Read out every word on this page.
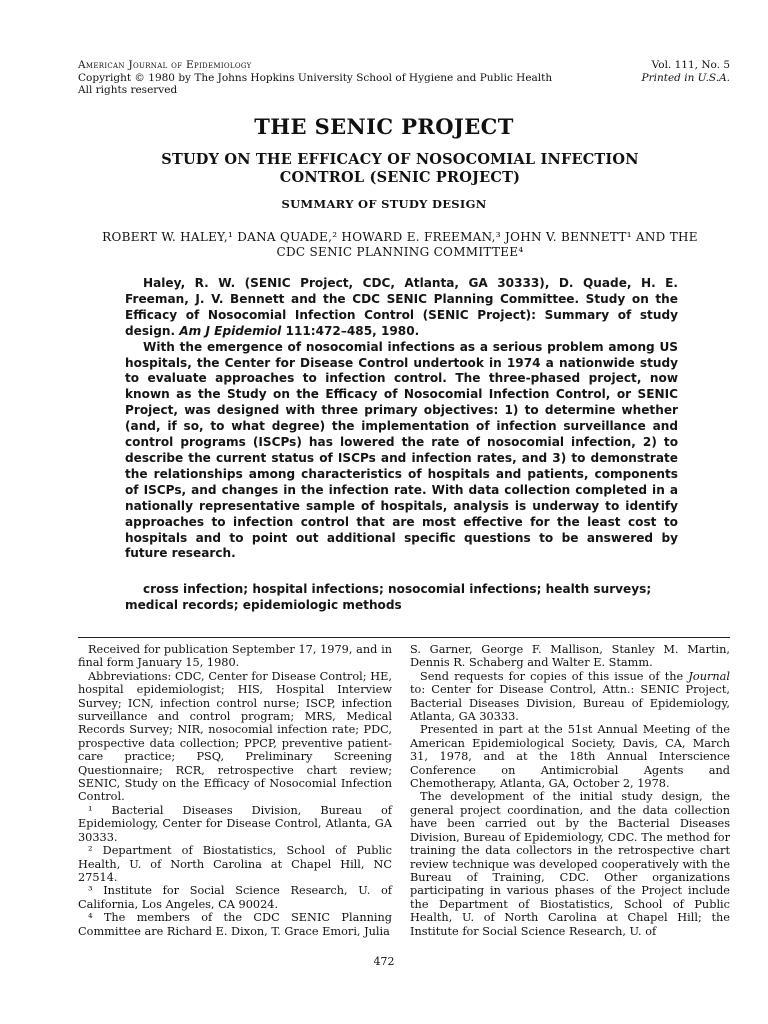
American Journal of Epidemiology
Copyright © 1980 by The Johns Hopkins University School of Hygiene and Public Health
All rights reserved
Vol. 111, No. 5
Printed in U.S.A.
THE SENIC PROJECT
STUDY ON THE EFFICACY OF NOSOCOMIAL INFECTION
CONTROL (SENIC PROJECT)
SUMMARY OF STUDY DESIGN
ROBERT W. HALEY,¹ DANA QUADE,² HOWARD E. FREEMAN,³ JOHN V. BENNETT¹ AND THE
CDC SENIC PLANNING COMMITTEE⁴

Haley, R. W. (SENIC Project, CDC, Atlanta, GA 30333), D. Quade, H. E. Freeman, J. V. Bennett and the CDC SENIC Planning Committee. Study on the Efficacy of Nosocomial Infection Control (SENIC Project): Summary of study design. Am J Epidemiol 111:472–485, 1980.

With the emergence of nosocomial infections as a serious problem among US hospitals, the Center for Disease Control undertook in 1974 a nationwide study to evaluate approaches to infection control. The three-phased project, now known as the Study on the Efficacy of Nosocomial Infection Control, or SENIC Project, was designed with three primary objectives: 1) to determine whether (and, if so, to what degree) the implementation of infection surveillance and control programs (ISCPs) has lowered the rate of nosocomial infection, 2) to describe the current status of ISCPs and infection rates, and 3) to demonstrate the relationships among characteristics of hospitals and patients, components of ISCPs, and changes in the infection rate. With data collection completed in a nationally representative sample of hospitals, analysis is underway to identify approaches to infection control that are most effective for the least cost to hospitals and to point out additional specific questions to be answered by future research.

cross infection; hospital infections; nosocomial infections; health surveys; medical records; epidemiologic methods

Received for publication September 17, 1979, and in final form January 15, 1980.

Abbreviations: CDC, Center for Disease Control; HE, hospital epidemiologist; HIS, Hospital Interview Survey; ICN, infection control nurse; ISCP, infection surveillance and control program; MRS, Medical Records Survey; NIR, nosocomial infection rate; PDC, prospective data collection; PPCP, preventive patient-care practice; PSQ, Preliminary Screening Questionnaire; RCR, retrospective chart review; SENIC, Study on the Efficacy of Nosocomial Infection Control.

¹ Bacterial Diseases Division, Bureau of Epidemiology, Center for Disease Control, Atlanta, GA 30333.

² Department of Biostatistics, School of Public Health, U. of North Carolina at Chapel Hill, NC 27514.

³ Institute for Social Science Research, U. of California, Los Angeles, CA 90024.

⁴ The members of the CDC SENIC Planning Committee are Richard E. Dixon, T. Grace Emori, Julia

S. Garner, George F. Mallison, Stanley M. Martin, Dennis R. Schaberg and Walter E. Stamm.

Send requests for copies of this issue of the Journal to: Center for Disease Control, Attn.: SENIC Project, Bacterial Diseases Division, Bureau of Epidemiology, Atlanta, GA 30333.

Presented in part at the 51st Annual Meeting of the American Epidemiological Society, Davis, CA, March 31, 1978, and at the 18th Annual Interscience Conference on Antimicrobial Agents and Chemotherapy, Atlanta, GA, October 2, 1978.

The development of the initial study design, the general project coordination, and the data collection have been carried out by the Bacterial Diseases Division, Bureau of Epidemiology, CDC. The method for training the data collectors in the retrospective chart review technique was developed cooperatively with the Bureau of Training, CDC. Other organizations participating in various phases of the Project include the Department of Biostatistics, School of Public Health, U. of North Carolina at Chapel Hill; the Institute for Social Science Research, U. of

472
